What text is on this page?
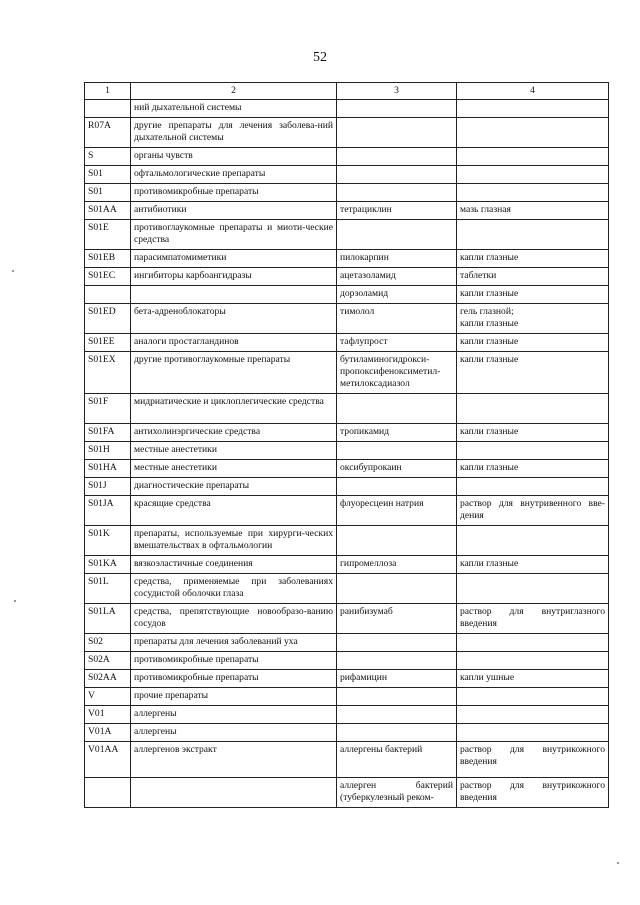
52
1	2	3	4
	ний дыхательной системы		
R07A	другие препараты для лечения заболева-ний дыхательной системы		
S	органы чувств		
S01	офтальмологические препараты		
S01	противомикробные препараты		
S01AA	антибиотики	тетрациклин	мазь глазная
S01E	противоглаукомные препараты и миоти-ческие средства		
S01EB	парасимпатомиметики	пилокарпин	капли глазные
S01EC	ингибиторы карбоангидразы	ацетазоламид	таблетки
		дорзоламид	капли глазные
S01ED	бета-адреноблокаторы	тимолол	гель глазной;
капли глазные
S01EE	аналоги простагландинов	тафлупрост	капли глазные
S01EX	другие противоглаукомные препараты	бутиламиногидрокси-пропоксифеноксиметил-метилоксадиазол	капли глазные
S01F	мидриатические и циклоплегические средства		
S01FA	антихолинэргические средства	тропикамид	капли глазные
S01H	местные анестетики		
S01HA	местные анестетики	оксибупрокаин	капли глазные
S01J	диагностические препараты		
S01JA	красящие средства	флуоресцеин натрия	раствор для внутривенного вве-дения
S01K	препараты, используемые при хирурги-ческих вмешательствах в офтальмологии		
S01KA	вязкоэластичные соединения	гипромеллоза	капли глазные
S01L	средства, применяемые при заболеваниях сосудистой оболочки глаза		
S01LA	средства, препятствующие новообразо-ванию сосудов	ранибизумаб	раствор для внутриглазного введения
S02	препараты для лечения заболеваний уха		
S02A	противомикробные препараты		
S02AA	противомикробные препараты	рифамицин	капли ушные
V	прочие препараты		
V01	аллергены		
V01A	аллергены		
V01AA	аллергенов экстракт	аллергены бактерий	раствор для внутрикожного введения
		аллерген бактерий (туберкулезный реком-	раствор для внутрикожного введения
